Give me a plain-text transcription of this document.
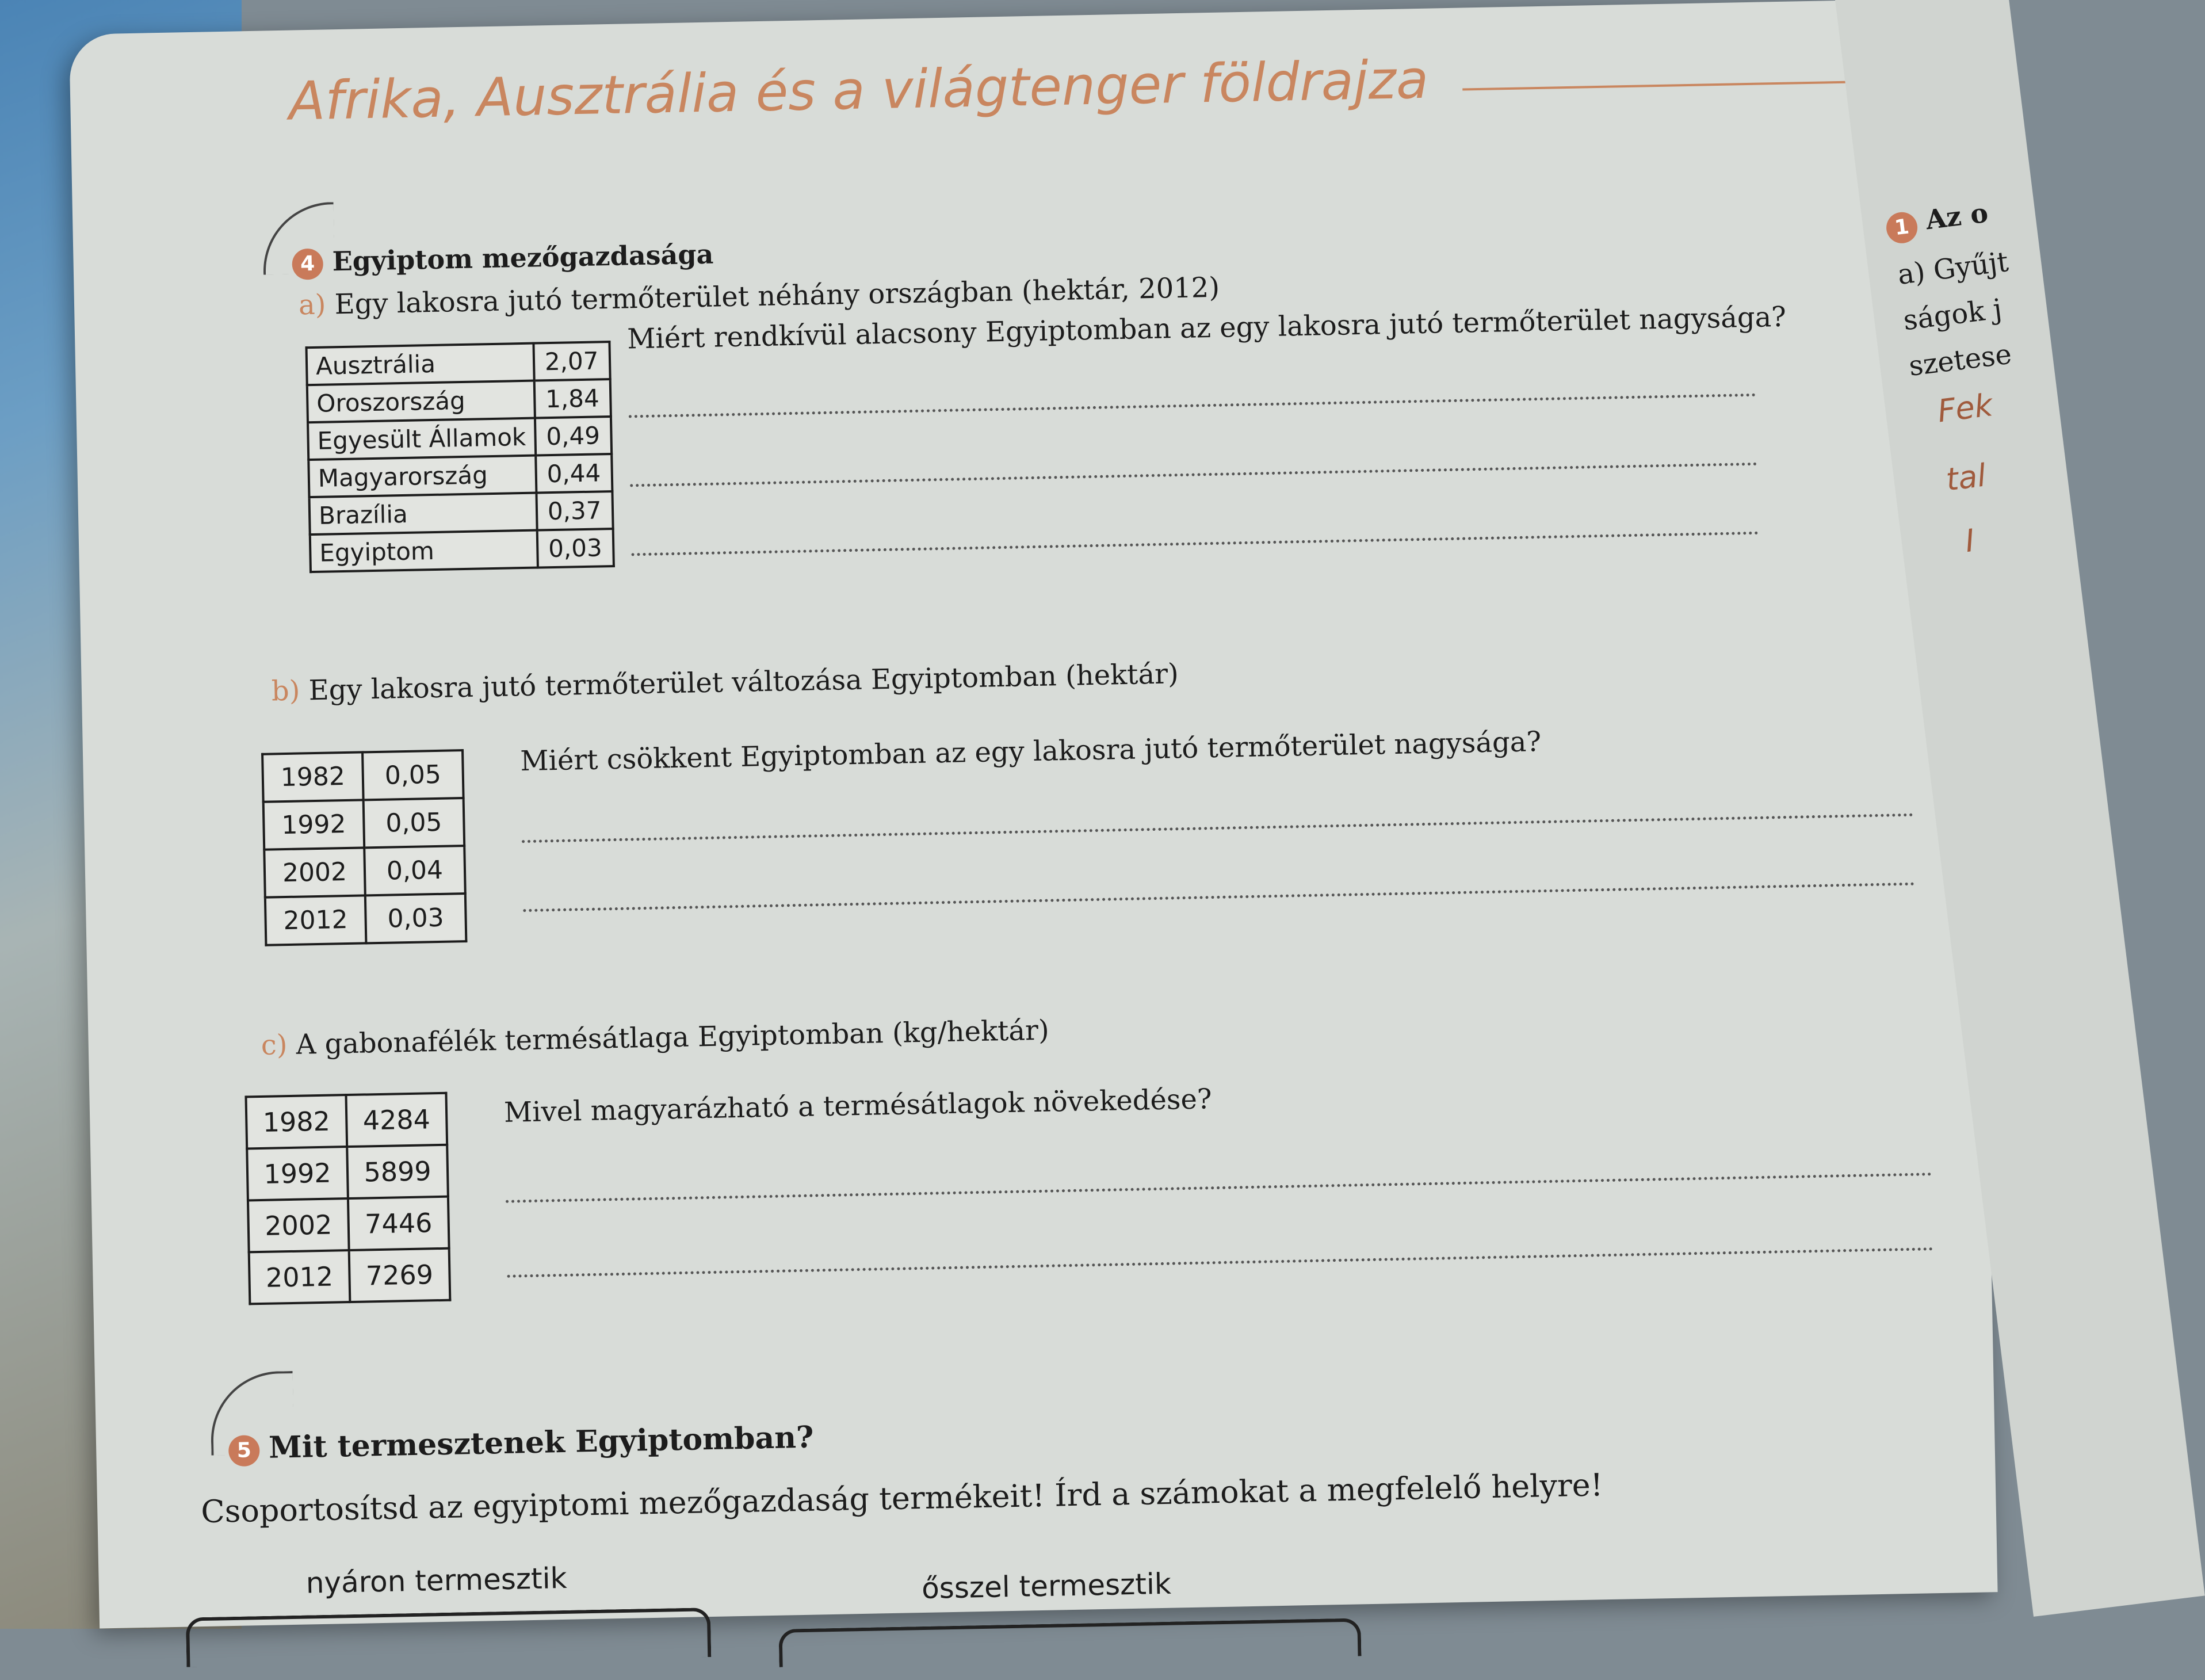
Afrika, Ausztrália és a világtenger földrajza
4 Egyiptom mezőgazdasága
a) Egy lakosra jutó termőterület néhány országban (hektár, 2012)
Ausztrália	2,07
Oroszország	1,84
Egyesült Államok	0,49
Magyarország	0,44
Brazília	0,37
Egyiptom	0,03
Miért rendkívül alacsony Egyiptomban az egy lakosra jutó termőterület nagysága?
b) Egy lakosra jutó termőterület változása Egyiptomban (hektár)
1982	0,05
1992	0,05
2002	0,04
2012	0,03
Miért csökkent Egyiptomban az egy lakosra jutó termőterület nagysága?
c) A gabonafélék termésátlaga Egyiptomban (kg/hektár)
1982	4284
1992	5899
2002	7446
2012	7269
Mivel magyarázható a termésátlagok növekedése?
5 Mit termesztenek Egyiptomban?
Csoportosítsd az egyiptomi mezőgazdaság termékeit! Írd a számokat a megfelelő helyre!
nyáron termesztik	ősszel termesztik
1 Az o
a) Gyűjt
ságok j
szetese
Fek
tal
I
